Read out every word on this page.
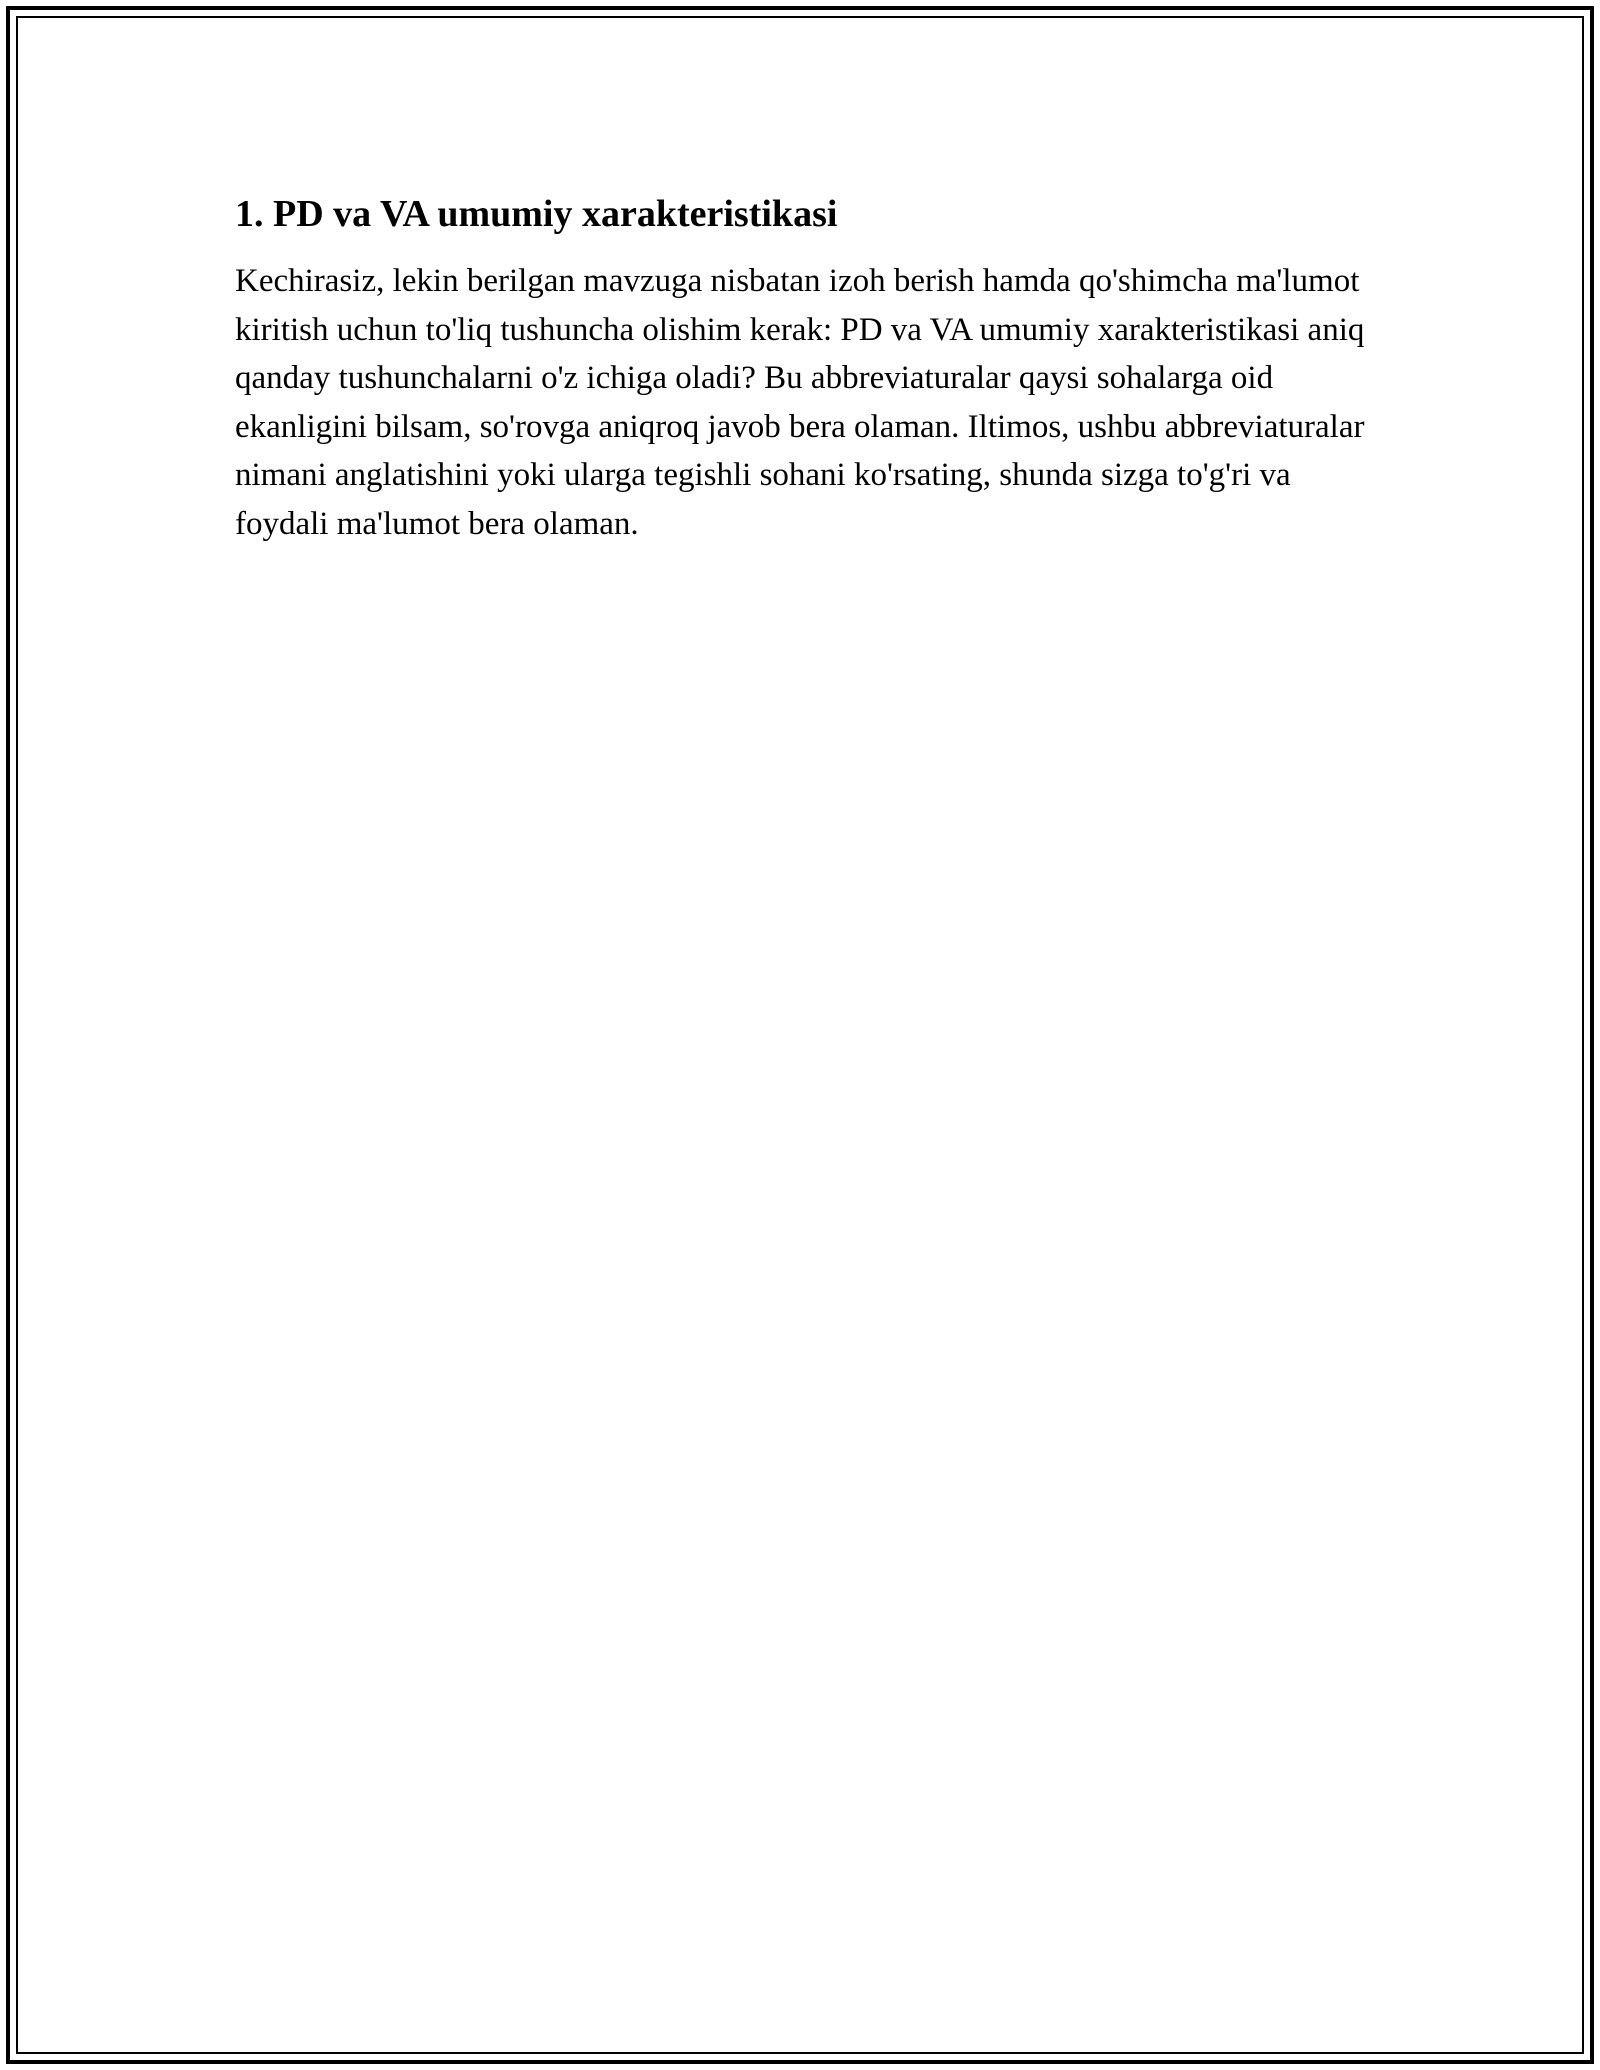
1. PD va VA umumiy xarakteristikasi

Kechirasiz, lekin berilgan mavzuga nisbatan izoh berish hamda qo'shimcha ma'lumot kiritish uchun to'liq tushuncha olishim kerak: PD va VA umumiy xarakteristikasi aniq qanday tushunchalarni o'z ichiga oladi? Bu abbreviaturalar qaysi sohalarga oid ekanligini bilsam, so'rovga aniqroq javob bera olaman. Iltimos, ushbu abbreviaturalar nimani anglatishini yoki ularga tegishli sohani ko'rsating, shunda sizga to'g'ri va foydali ma'lumot bera olaman.
